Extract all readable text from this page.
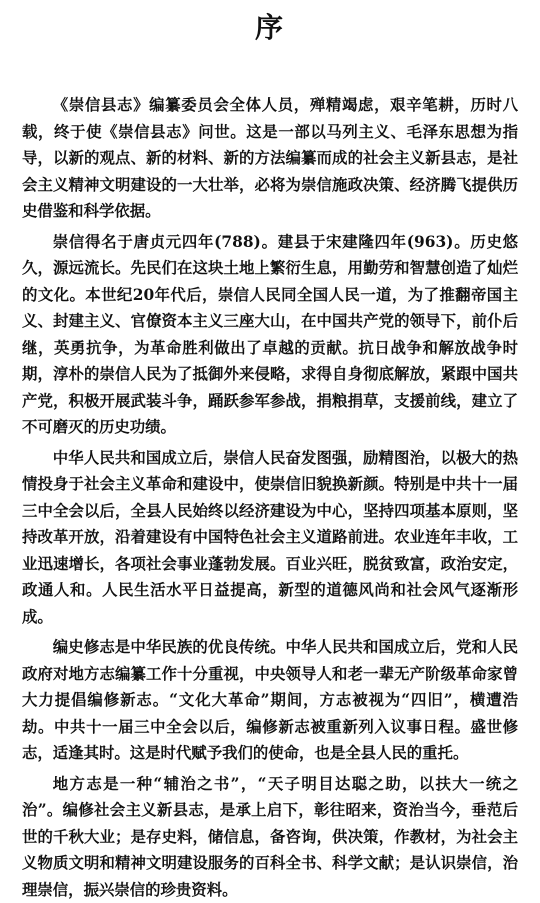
序

《崇信县志》编纂委员会全体人员，殚精竭虑，艰辛笔耕，历时八载，终于使《崇信县志》问世。这是一部以马列主义、毛泽东思想为指导，以新的观点、新的材料、新的方法编纂而成的社会主义新县志，是社会主义精神文明建设的一大壮举，必将为崇信施政决策、经济腾飞提供历史借鉴和科学依据。

崇信得名于唐贞元四年(788)。建县于宋建隆四年(963)。历史悠久，源远流长。先民们在这块土地上繁衍生息，用勤劳和智慧创造了灿烂的文化。本世纪20年代后，崇信人民同全国人民一道，为了推翻帝国主义、封建主义、官僚资本主义三座大山，在中国共产党的领导下，前仆后继，英勇抗争，为革命胜利做出了卓越的贡献。抗日战争和解放战争时期，淳朴的崇信人民为了抵御外来侵略，求得自身彻底解放，紧跟中国共产党，积极开展武装斗争，踊跃参军参战，捐粮捐草，支援前线，建立了不可磨灭的历史功绩。

中华人民共和国成立后，崇信人民奋发图强，励精图治，以极大的热情投身于社会主义革命和建设中，使崇信旧貌换新颜。特别是中共十一届三中全会以后，全县人民始终以经济建设为中心，坚持四项基本原则，坚持改革开放，沿着建设有中国特色社会主义道路前进。农业连年丰收，工业迅速增长，各项社会事业蓬勃发展。百业兴旺，脱贫致富，政治安定，政通人和。人民生活水平日益提高，新型的道德风尚和社会风气逐渐形成。

编史修志是中华民族的优良传统。中华人民共和国成立后，党和人民政府对地方志编纂工作十分重视，中央领导人和老一辈无产阶级革命家曾大力提倡编修新志。“文化大革命”期间，方志被视为“四旧”，横遭浩劫。中共十一届三中全会以后，编修新志被重新列入议事日程。盛世修志，适逢其时。这是时代赋予我们的使命，也是全县人民的重托。

地方志是一种“辅治之书”，“天子明目达聪之助，以扶大一统之治”。编修社会主义新县志，是承上启下，彰往昭来，资治当今，垂范后世的千秋大业；是存史料，储信息，备咨询，供决策，作教材，为社会主义物质文明和精神文明建设服务的百科全书、科学文献；是认识崇信，治理崇信，振兴崇信的珍贵资料。
